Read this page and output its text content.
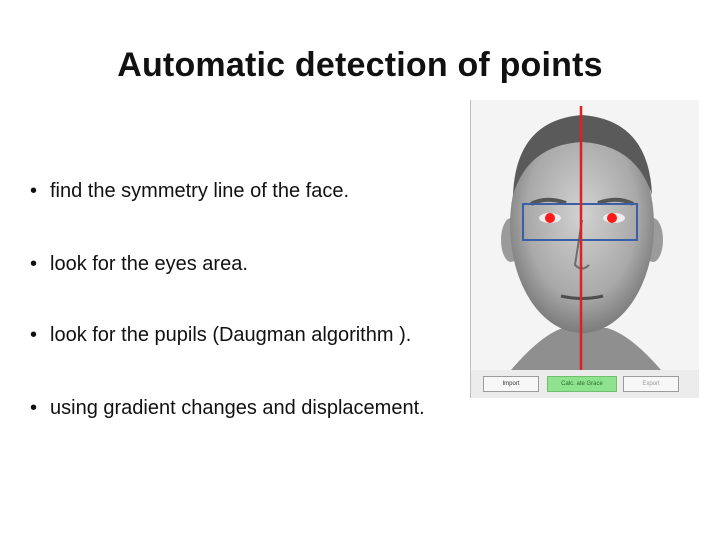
Automatic detection of points
• find the symmetry line of the face.
• look for the eyes area.
• look for the pupils (Daugman algorithm ).
• using gradient changes and displacement.
Import	Calc. ate Grace	Export
